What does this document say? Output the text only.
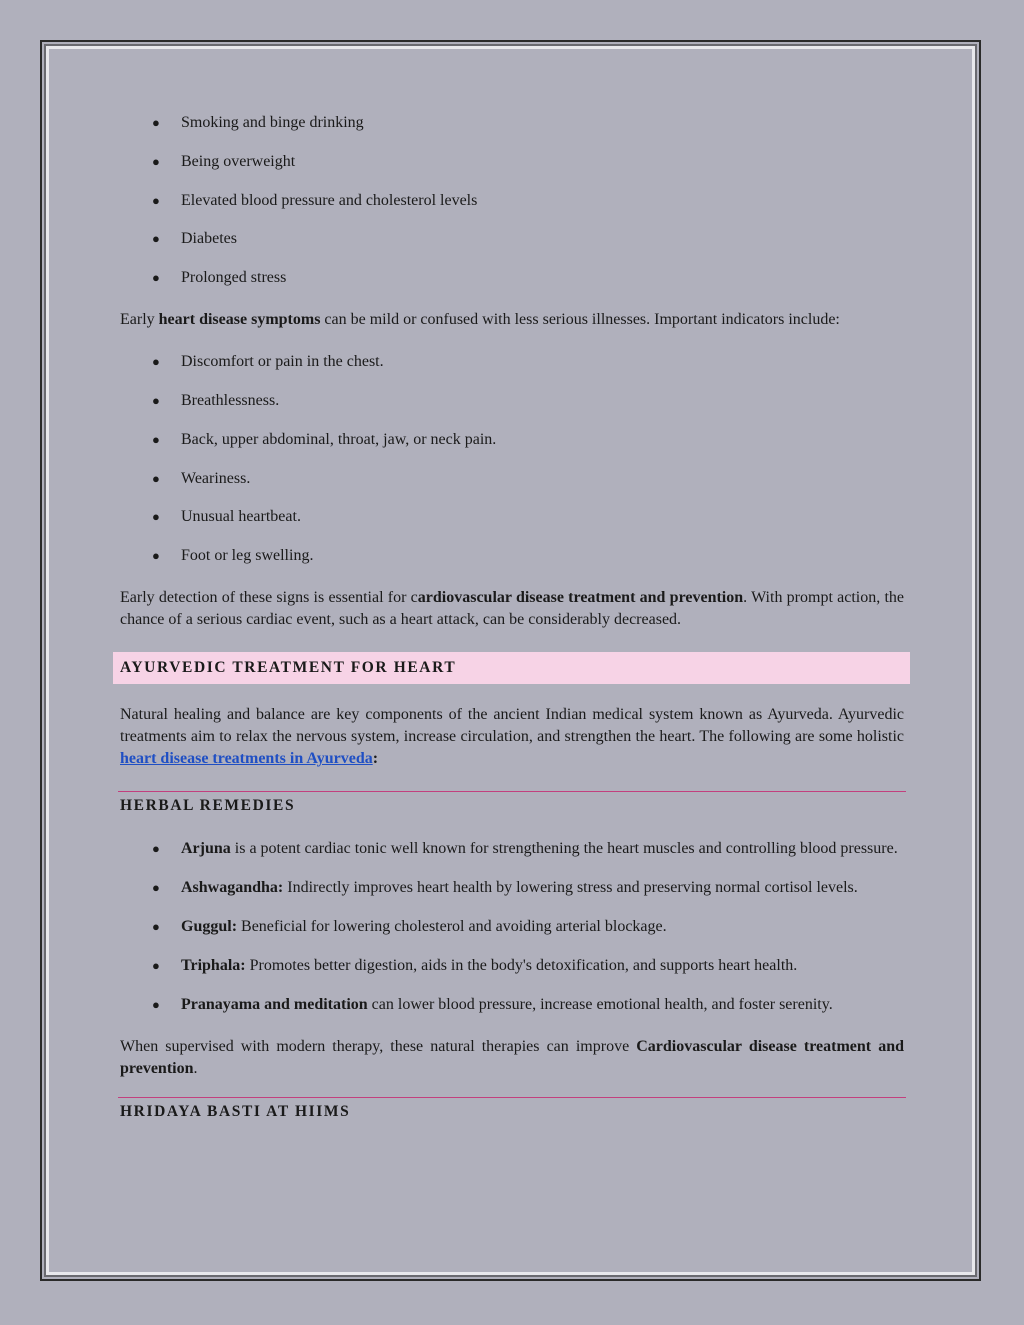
● Smoking and binge drinking
● Being overweight
● Elevated blood pressure and cholesterol levels
● Diabetes
● Prolonged stress

Early heart disease symptoms can be mild or confused with less serious illnesses. Important indicators include:

● Discomfort or pain in the chest.
● Breathlessness.
● Back, upper abdominal, throat, jaw, or neck pain.
● Weariness.
● Unusual heartbeat.
● Foot or leg swelling.

Early detection of these signs is essential for cardiovascular disease treatment and prevention. With prompt action, the chance of a serious cardiac event, such as a heart attack, can be considerably decreased.

AYURVEDIC TREATMENT FOR HEART

Natural healing and balance are key components of the ancient Indian medical system known as Ayurveda. Ayurvedic treatments aim to relax the nervous system, increase circulation, and strengthen the heart. The following are some holistic heart disease treatments in Ayurveda:

HERBAL REMEDIES
● Arjuna is a potent cardiac tonic well known for strengthening the heart muscles and controlling blood pressure.
● Ashwagandha: Indirectly improves heart health by lowering stress and preserving normal cortisol levels.
● Guggul: Beneficial for lowering cholesterol and avoiding arterial blockage.
● Triphala: Promotes better digestion, aids in the body's detoxification, and supports heart health.
● Pranayama and meditation can lower blood pressure, increase emotional health, and foster serenity.

When supervised with modern therapy, these natural therapies can improve Cardiovascular disease treatment and prevention.

HRIDAYA BASTI AT HIIMS
